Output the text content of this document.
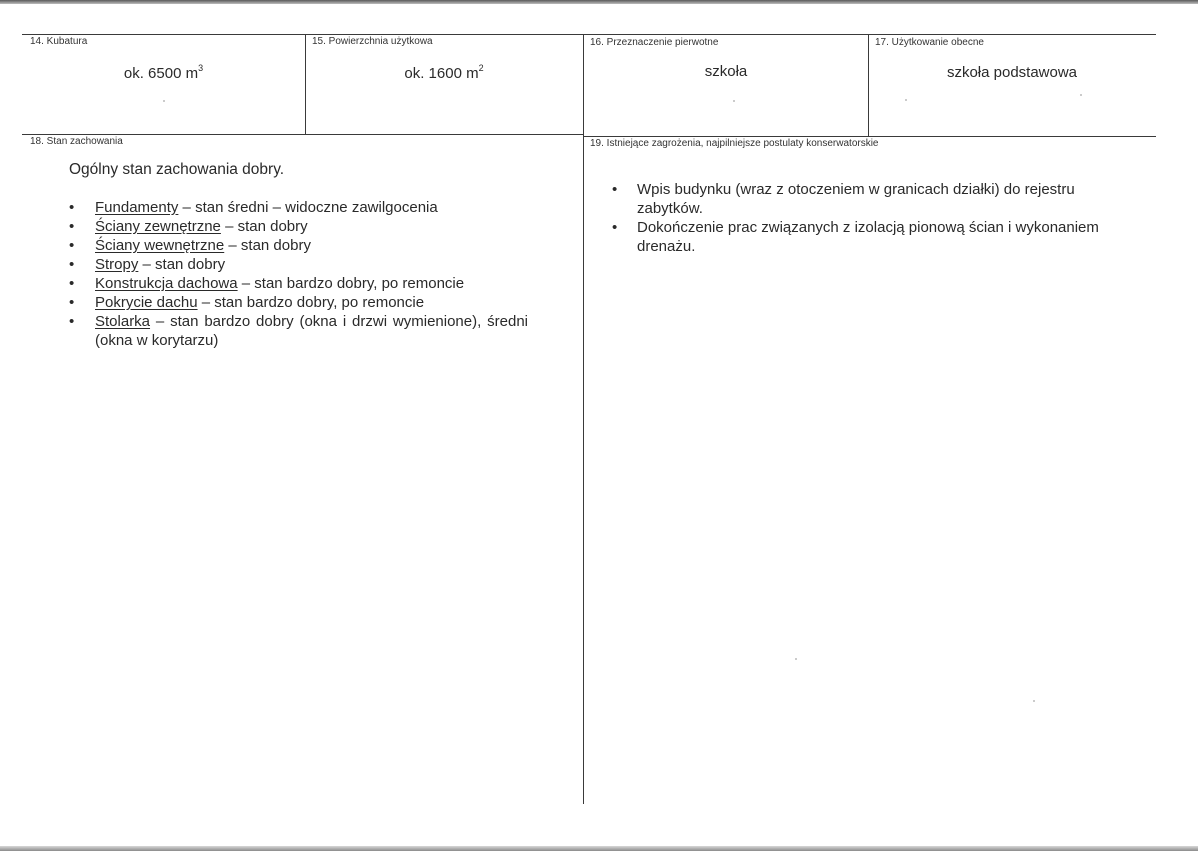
14. Kubatura
ok. 6500 $m^3$
15. Powierzchnia użytkowa
ok. 1600 $m^2$
16. Przeznaczenie pierwotne
szkoła
17. Użytkowanie obecne
szkoła podstawowa
18. Stan zachowania
Ogólny stan zachowania dobry.
• Fundamenty – stan średni – widoczne zawilgocenia
• Ściany zewnętrzne – stan dobry
• Ściany wewnętrzne – stan dobry
• Stropy – stan dobry
• Konstrukcja dachowa – stan bardzo dobry, po remoncie
• Pokrycie dachu – stan bardzo dobry, po remoncie
• Stolarka – stan bardzo dobry (okna i drzwi wymienione), średni (okna w korytarzu)
19. Istniejące zagrożenia, najpilniejsze postulaty konserwatorskie
• Wpis budynku (wraz z otoczeniem w granicach działki) do rejestru zabytków.
• Dokończenie prac związanych z izolacją pionową ścian i wykonaniem drenażu.
